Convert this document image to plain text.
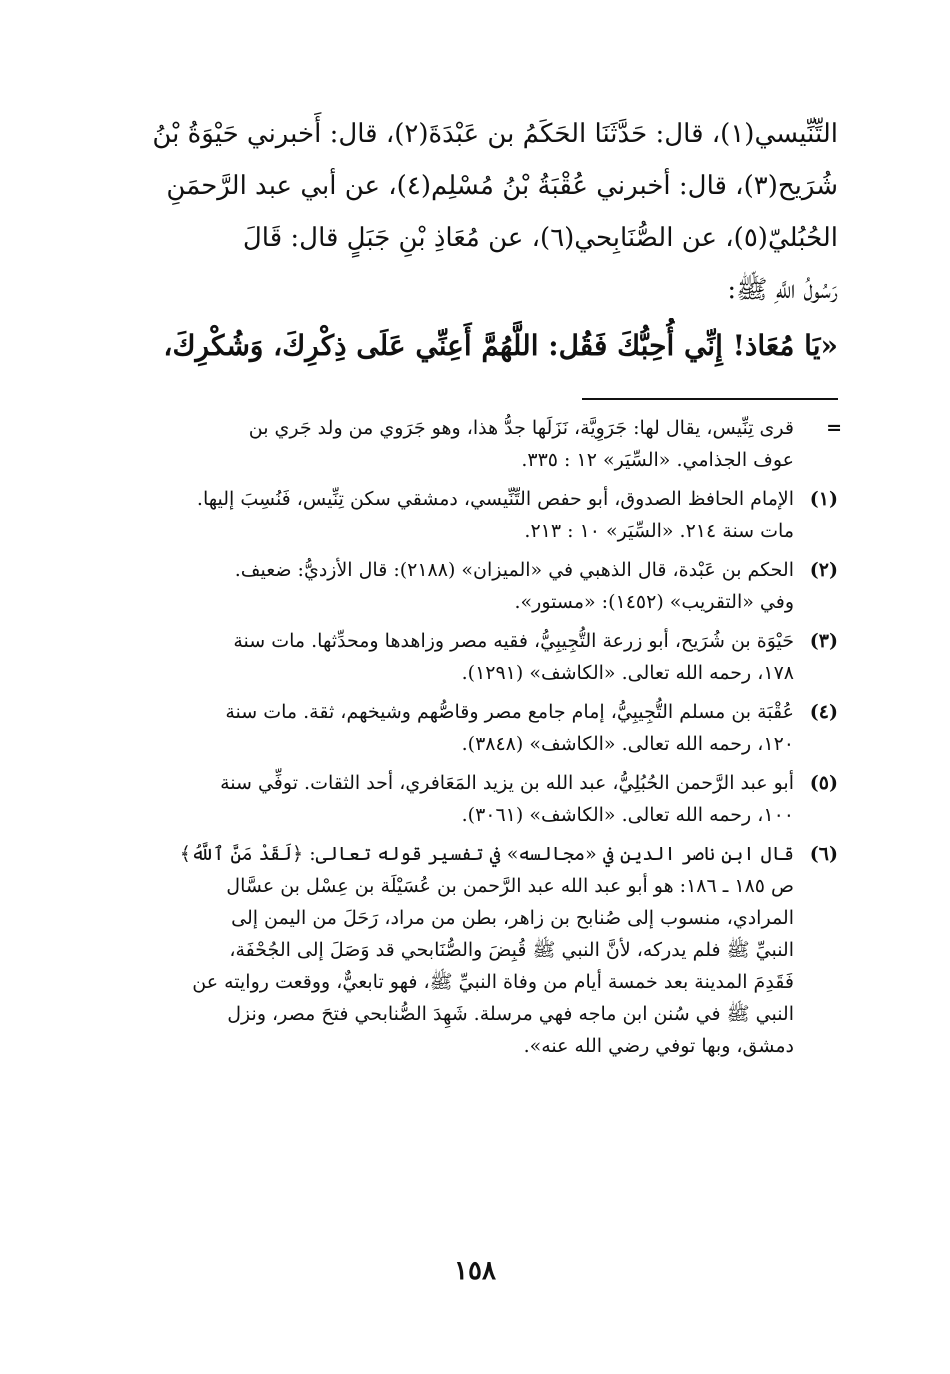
التِّنِّيسي(١)، قال: حَدَّثَنَا الحَكَمُ بن عَبْدَةَ(٢)، قال: أَخبرني حَيْوَةُ بْنُ
شُرَيح(٣)، قال: أخبرني عُقْبَةُ بْنُ مُسْلِم(٤)، عن أبي عبد الرَّحمَنِ
الحُبُليّ(٥)، عن الصُّنَابِحي(٦)، عن مُعَاذِ بْنِ جَبَلٍ قال: قَالَ
رَسُولُ اللَّهِ ﷺ:
«يَا مُعَاذ! إِنِّي أُحِبُّكَ فَقُل: اللَّهُمَّ أَعِنِّي عَلَى ذِكْرِكَ، وَشُكْرِكَ،
=
قرى تِنِّيس، يقال لها: جَرَوِيَّة، نَزَلَها جدُّ هذا، وهو جَرَوي من ولد جَري بن
عوف الجذامي. «السِّيَر» ١٢ : ٣٣٥.
(١)
الإمام الحافظ الصدوق، أبو حفص التِّنِّيسي، دمشقي سكن تِنِّيس، فَنُسِبَ إليها.
مات سنة ٢١٤. «السِّيَر» ١٠ : ٢١٣.
(٢)
الحكم بن عَبْدة، قال الذهبي في «الميزان» (٢١٨٨): قال الأزديُّ: ضعيف.
وفي «التقريب» (١٤٥٢): «مستور».
(٣)
حَيْوَة بن شُرَيح، أبو زرعة التُّجِيبِيُّ، فقيه مصر وزاهدها ومحدِّثها. مات سنة
١٧٨، رحمه الله تعالى. «الكاشف» (١٢٩١).
(٤)
عُقْبَة بن مسلم التُّجِيبِيُّ، إمام جامع مصر وقاصُّهم وشيخهم، ثقة. مات سنة
١٢٠، رحمه الله تعالى. «الكاشف» (٣٨٤٨).
(٥)
أبو عبد الرَّحمن الحُبُلِيُّ، عبد الله بن يزيد المَعَافري، أحد الثقات. توفِّي سنة
١٠٠، رحمه الله تعالى. «الكاشف» (٣٠٦١).
(٦)
قال ابن ناصر الدين في «مجالسه» في تفسير قوله تعالى: ﴿لَقَدْ مَنَّ ٱللَّهُ﴾
ص ١٨٥ ـ ١٨٦: هو أبو عبد الله عبد الرَّحمن بن عُسَيْلَة بن عِسْل بن عسَّال
المرادي، منسوب إلى صُنابح بن زاهر، بطن من مراد، رَحَلَ من اليمن إلى
النبيِّ ﷺ فلم يدركه، لأنَّ النبي ﷺ قُبِضَ والصُّنَابحي قد وَصَلَ إلى الجُحْفَة،
فَقَدِمَ المدينة بعد خمسة أيام من وفاة النبيِّ ﷺ، فهو تابعيٌّ، ووقعت روايته عن
النبي ﷺ في سُنن ابن ماجه فهي مرسلة. شَهِدَ الصُّنابحي فتحَ مصر، ونزل
دمشق، وبها توفي رضي الله عنه».
١٥٨
